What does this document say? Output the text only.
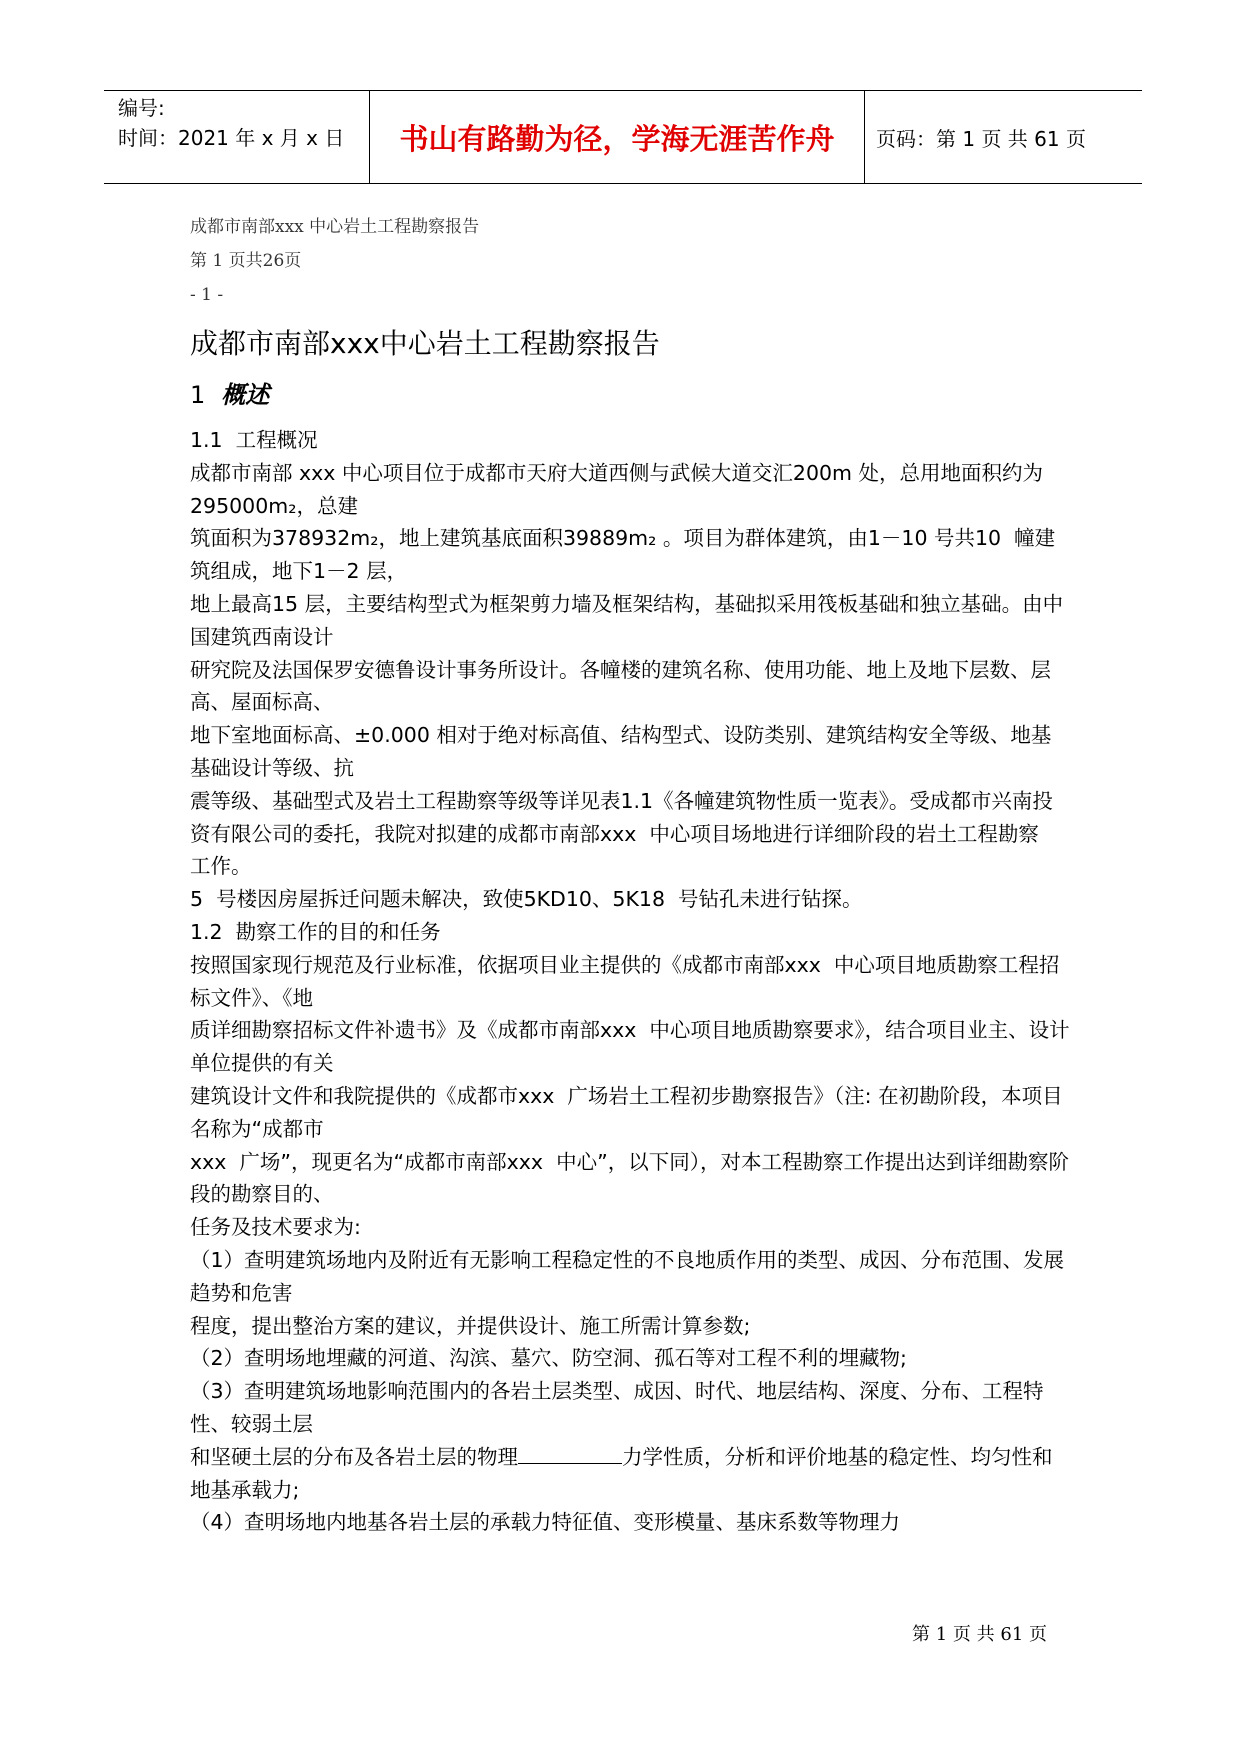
编号:
时间：2021 年 x 月 x 日	书山有路勤为径，学海无涯苦作舟	页码：第 1 页 共 61 页

成都市南部xxx 中心岩土工程勘察报告

第 1 页共26页

- 1 -

成都市南部xxx中心岩土工程勘察报告
1 概述

1.1  工程概况

成都市南部 xxx 中心项目位于成都市天府大道西侧与武候大道交汇200m 处，总用地面积约为295000m₂，总建

筑面积为378932m₂，地上建筑基底面积39889m₂ 。项目为群体建筑，由1－10 号共10  幢建筑组成，地下1－2 层，

地上最高15 层，主要结构型式为框架剪力墙及框架结构，基础拟采用筏板基础和独立基础。由中国建筑西南设计

研究院及法国保罗安德鲁设计事务所设计。各幢楼的建筑名称、使用功能、地上及地下层数、层高、屋面标高、

地下室地面标高、±0.000 相对于绝对标高值、结构型式、设防类别、建筑结构安全等级、地基基础设计等级、抗

震等级、基础型式及岩土工程勘察等级等详见表1.1《各幢建筑物性质一览表》。受成都市兴南投资有限公司的委托，我院对拟建的成都市南部xxx  中心项目场地进行详细阶段的岩土工程勘察

工作。

5  号楼因房屋拆迁问题未解决，致使5KD10、5K18  号钻孔未进行钻探。

1.2  勘察工作的目的和任务

按照国家现行规范及行业标准，依据项目业主提供的《成都市南部xxx  中心项目地质勘察工程招标文件》、《地

质详细勘察招标文件补遗书》及《成都市南部xxx  中心项目地质勘察要求》，结合项目业主、设计单位提供的有关

建筑设计文件和我院提供的《成都市xxx  广场岩土工程初步勘察报告》（注: 在初勘阶段，本项目名称为“成都市

xxx  广场”，现更名为“成都市南部xxx  中心”，以下同），对本工程勘察工作提出达到详细勘察阶段的勘察目的、

任务及技术要求为:

（1）查明建筑场地内及附近有无影响工程稳定性的不良地质作用的类型、成因、分布范围、发展趋势和危害

程度，提出整治方案的建议，并提供设计、施工所需计算参数;

（2）查明场地埋藏的河道、沟滨、墓穴、防空洞、孤石等对工程不利的埋藏物;

（3）查明建筑场地影响范围内的各岩土层类型、成因、时代、地层结构、深度、分布、工程特性、较弱土层

和坚硬土层的分布及各岩土层的物理	力学性质，分析和评价地基的稳定性、均匀性和地基承载力;

（4）查明场地内地基各岩土层的承载力特征值、变形模量、基床系数等物理力

第 1 页 共 61 页
